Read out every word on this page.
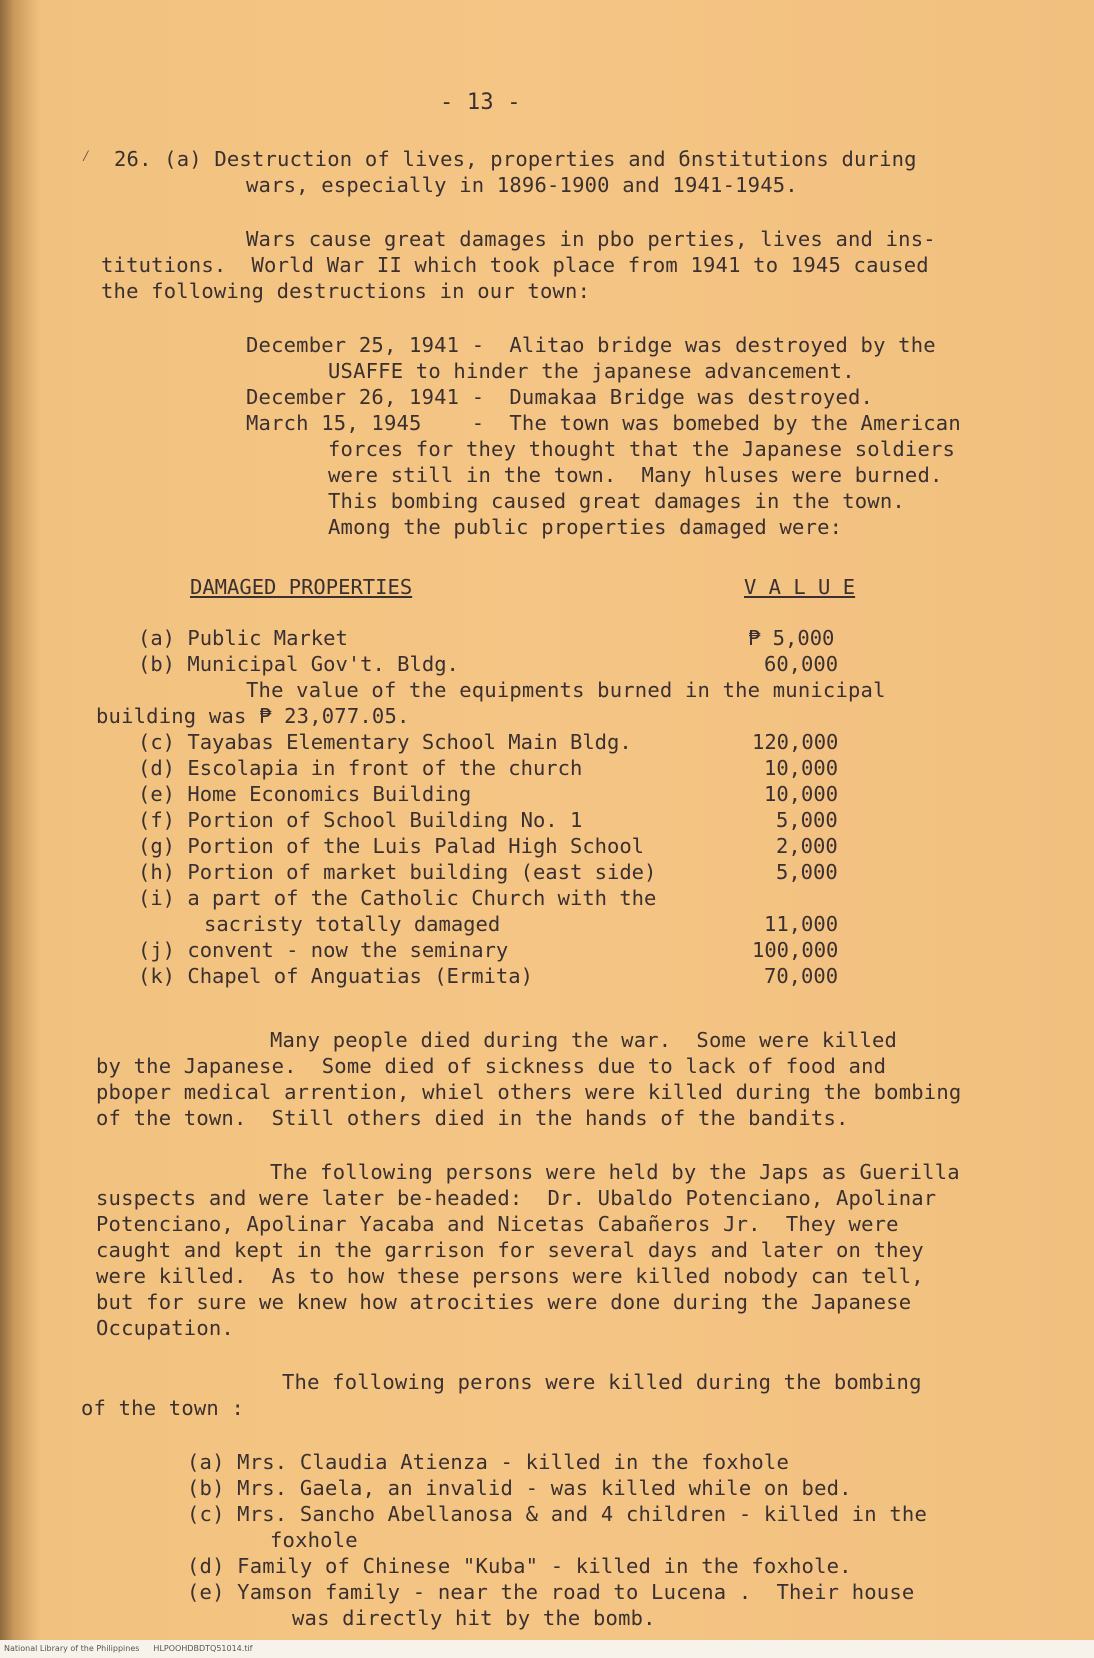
- 13 -
⁄ 26. (a) Destruction of lives, properties and бnstitutions during
wars, especially in 1896-1900 and 1941-1945.
Wars cause great damages in pbo perties, lives and ins-
titutions.  World War II which took place from 1941 to 1945 caused
the following destructions in our town:
December 25, 1941 -  Alitao bridge was destroyed by the
USAFFE to hinder the japanese advancement.
December 26, 1941 -  Dumakaa Bridge was destroyed.
March 15, 1945    -  The town was bomebed by the American
forces for they thought that the Japanese soldiers
were still in the town.  Many hluses were burned.
This bombing caused great damages in the town.
Among the public properties damaged were:
DAMAGED PROPERTIES	V A L U E
(a) Public Market	₱ 5,000
(b) Municipal Gov't. Bldg.	60,000
The value of the equipments burned in the municipal
building was ₱ 23,077.05.
(c) Tayabas Elementary School Main Bldg.	120,000
(d) Escolapia in front of the church	10,000
(e) Home Economics Building	10,000
(f) Portion of School Building No. 1	5,000
(g) Portion of the Luis Palad High School	2,000
(h) Portion of market building (east side)	5,000
(i) a part of the Catholic Church with the
sacristy totally damaged	11,000
(j) convent - now the seminary	100,000
(k) Chapel of Anguatias (Ermita)	70,000
Many people died during the war.  Some were killed
by the Japanese.  Some died of sickness due to lack of food and
pboper medical arrention, whiel others were killed during the bombing
of the town.  Still others died in the hands of the bandits.
The following persons were held by the Japs as Guerilla
suspects and were later be-headed:  Dr. Ubaldo Potenciano, Apolinar
Potenciano, Apolinar Yacaba and Nicetas Cabañeros Jr.  They were
caught and kept in the garrison for several days and later on they
were killed.  As to how these persons were killed nobody can tell,
but for sure we knew how atrocities were done during the Japanese
Occupation.
The following perons were killed during the bombing
of the town :
(a) Mrs. Claudia Atienza - killed in the foxhole
(b) Mrs. Gaela, an invalid - was killed while on bed.
(c) Mrs. Sancho Abellanosa & and 4 children - killed in the
foxhole
(d) Family of Chinese "Kuba" - killed in the foxhole.
(e) Yamson family - near the road to Lucena .  Their house
was directly hit by the bomb.
National Library of the Philippines HLPOOHDBDTQ51014.tif
